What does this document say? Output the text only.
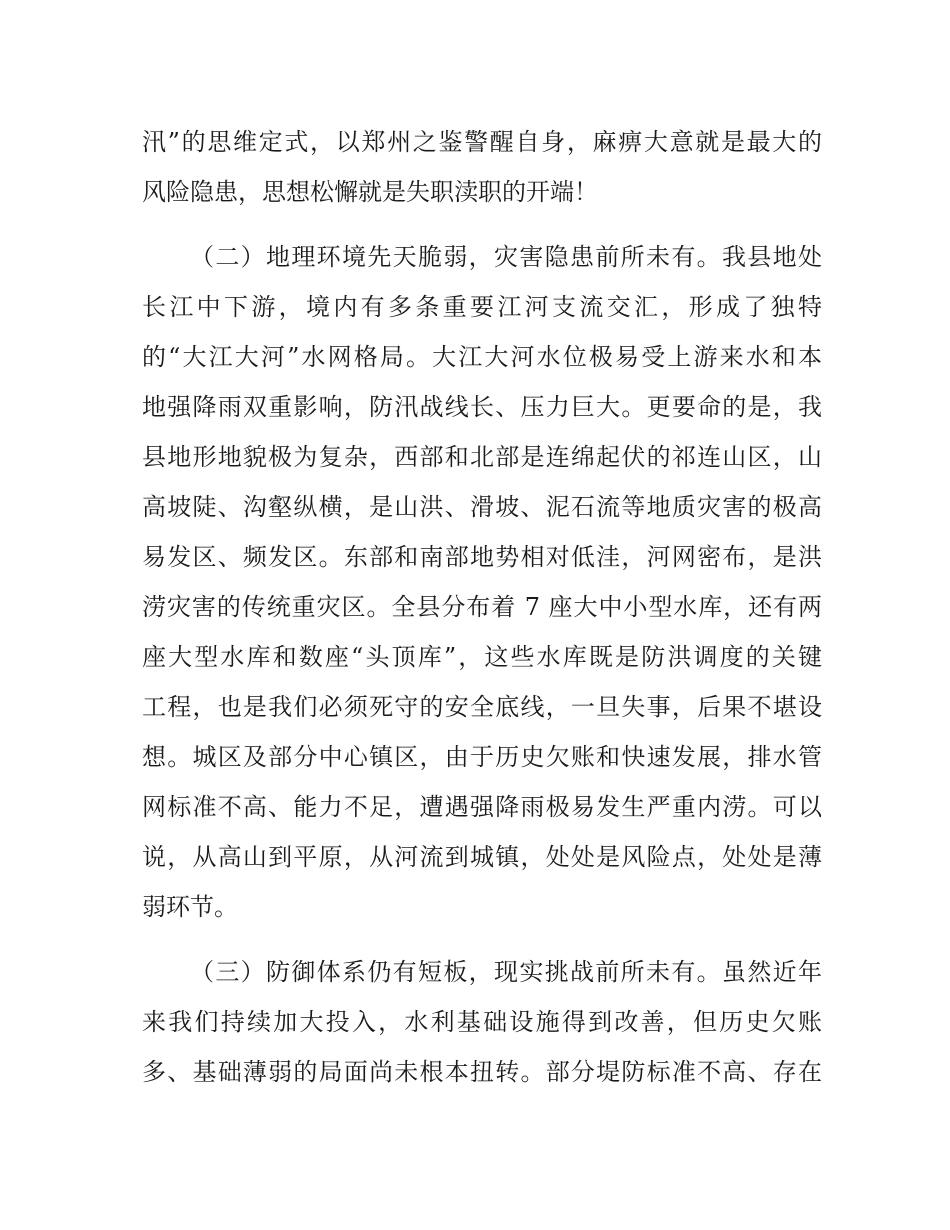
汛”的思维定式，以郑州之鉴警醒自身，麻痹大意就是最大的
风险隐患，思想松懈就是失职渎职的开端！
（二）地理环境先天脆弱，灾害隐患前所未有。我县地处
长江中下游，境内有多条重要江河支流交汇，形成了独特
的“大江大河”水网格局。大江大河水位极易受上游来水和本
地强降雨双重影响，防汛战线长、压力巨大。更要命的是，我
县地形地貌极为复杂，西部和北部是连绵起伏的祁连山区，山
高坡陡、沟壑纵横，是山洪、滑坡、泥石流等地质灾害的极高
易发区、频发区。东部和南部地势相对低洼，河网密布，是洪
涝灾害的传统重灾区。全县分布着 7 座大中小型水库，还有两
座大型水库和数座“头顶库”，这些水库既是防洪调度的关键
工程，也是我们必须死守的安全底线，一旦失事，后果不堪设
想。城区及部分中心镇区，由于历史欠账和快速发展，排水管
网标准不高、能力不足，遭遇强降雨极易发生严重内涝。可以
说，从高山到平原，从河流到城镇，处处是风险点，处处是薄
弱环节。
（三）防御体系仍有短板，现实挑战前所未有。虽然近年
来我们持续加大投入，水利基础设施得到改善，但历史欠账
多、基础薄弱的局面尚未根本扭转。部分堤防标准不高、存在
